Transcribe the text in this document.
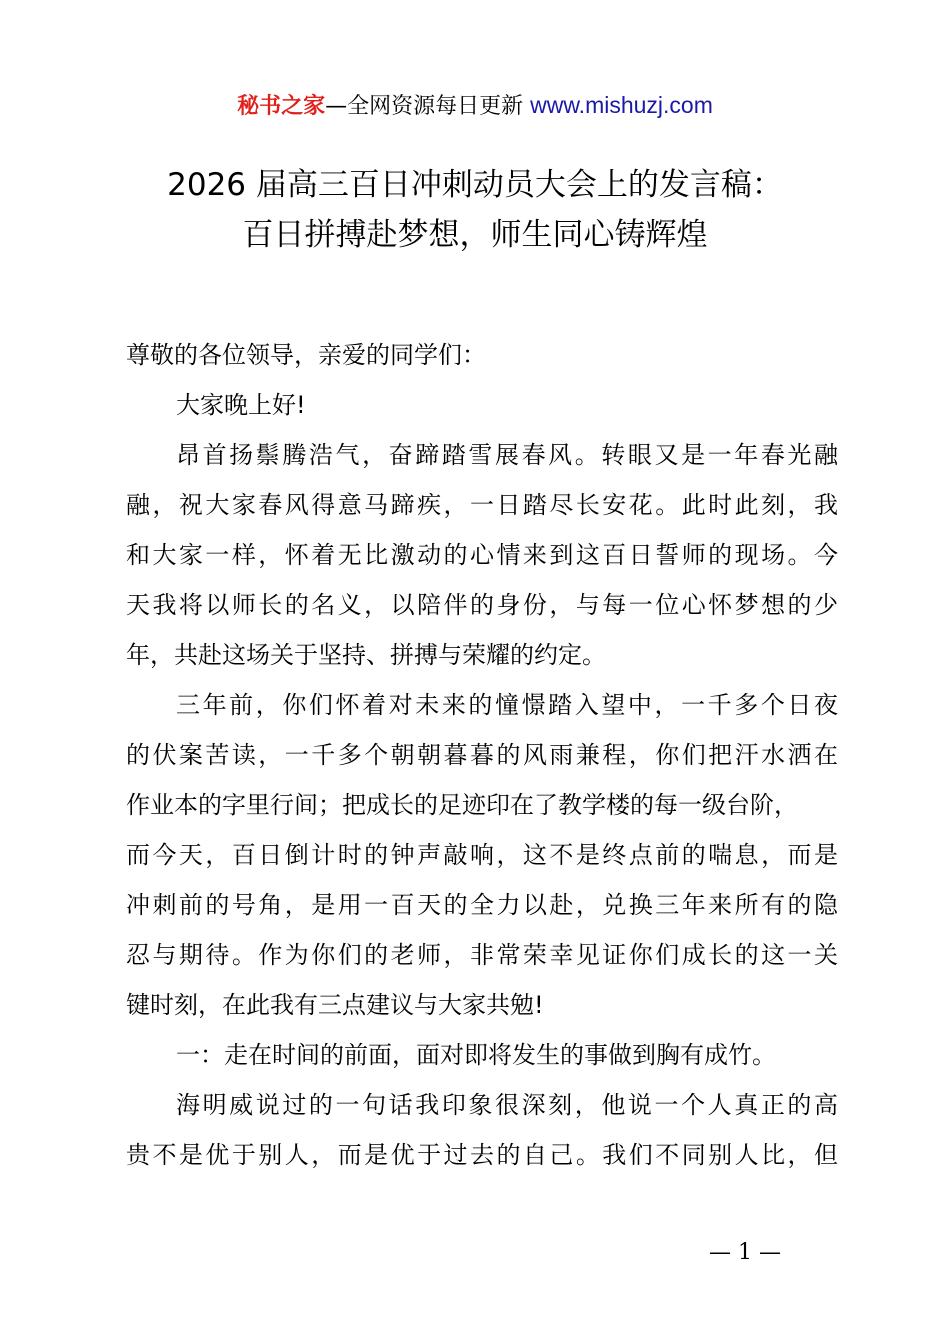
秘书之家—全网资源每日更新 www.mishuzj.com
2026 届高三百日冲刺动员大会上的发言稿：
百日拼搏赴梦想，师生同心铸辉煌
尊敬的各位领导，亲爱的同学们：
大家晚上好!
昂首扬鬃腾浩气，奋蹄踏雪展春风。转眼又是一年春光融
融，祝大家春风得意马蹄疾，一日踏尽长安花。此时此刻，我
和大家一样，怀着无比激动的心情来到这百日誓师的现场。今
天我将以师长的名义，以陪伴的身份，与每一位心怀梦想的少
年，共赴这场关于坚持、拼搏与荣耀的约定。
三年前，你们怀着对未来的憧憬踏入望中，一千多个日夜
的伏案苦读，一千多个朝朝暮暮的风雨兼程，你们把汗水洒在
作业本的字里行间；把成长的足迹印在了教学楼的每一级台阶，
而今天，百日倒计时的钟声敲响，这不是终点前的喘息，而是
冲刺前的号角，是用一百天的全力以赴，兑换三年来所有的隐
忍与期待。作为你们的老师，非常荣幸见证你们成长的这一关
键时刻，在此我有三点建议与大家共勉!
一：走在时间的前面，面对即将发生的事做到胸有成竹。
海明威说过的一句话我印象很深刻，他说一个人真正的高
贵不是优于别人，而是优于过去的自己。我们不同别人比，但
— 1 —
